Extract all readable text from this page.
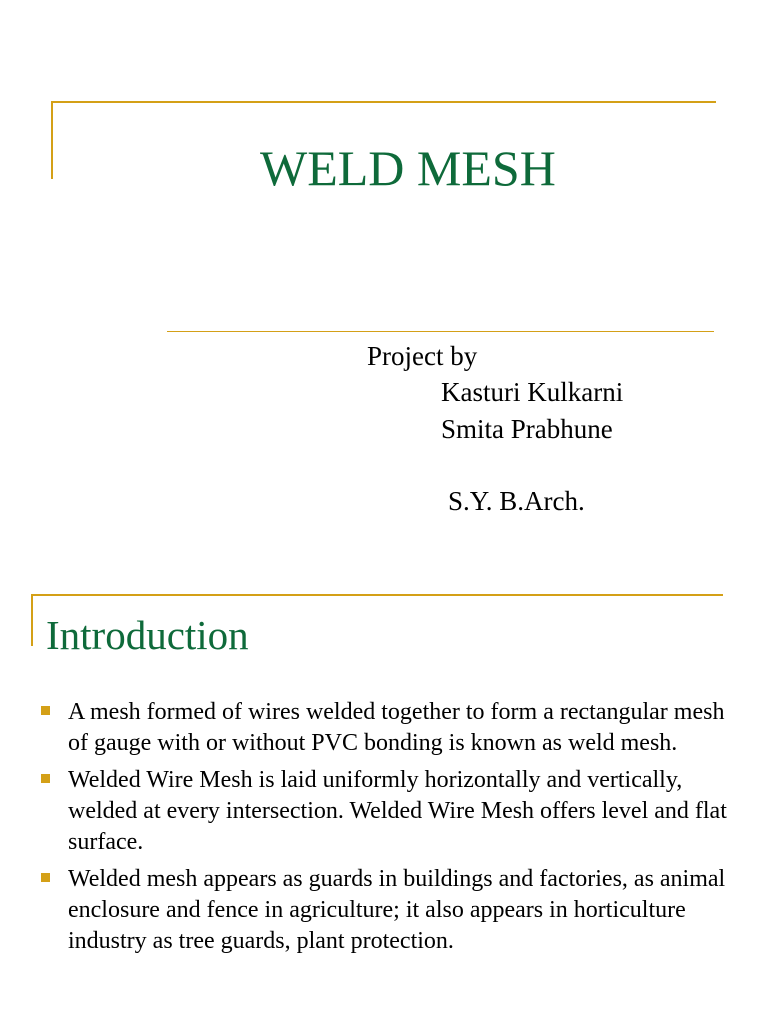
WELD MESH
Project by
Kasturi Kulkarni
Smita Prabhune
S.Y. B.Arch.
Introduction
A mesh formed of wires welded together to form a rectangular mesh of gauge with or without PVC bonding is known as weld mesh.
Welded Wire Mesh is laid uniformly horizontally and vertically, welded at every intersection. Welded Wire Mesh offers level and flat surface.
Welded mesh appears as guards in buildings and factories, as animal enclosure and fence in agriculture; it also appears in horticulture industry as tree guards, plant protection.
